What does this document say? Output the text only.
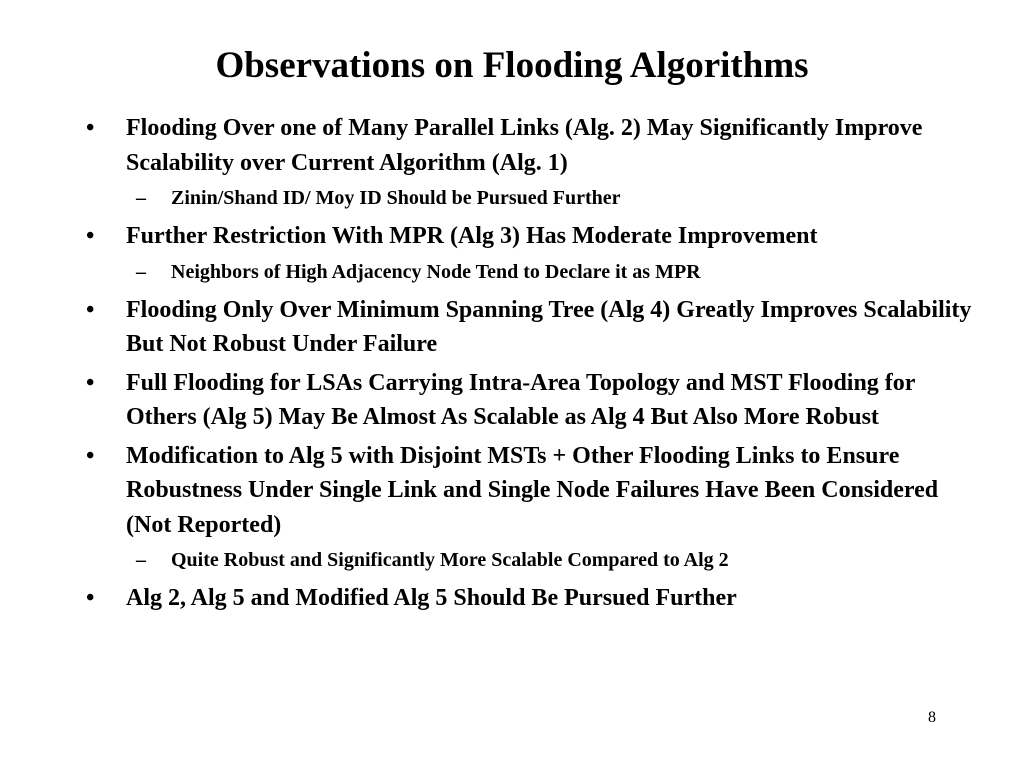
Observations on Flooding Algorithms
•	Flooding Over one of Many Parallel Links (Alg. 2) May Significantly Improve Scalability over Current Algorithm (Alg. 1)
– Zinin/Shand ID/ Moy ID Should be Pursued Further
•	Further Restriction With MPR (Alg 3) Has Moderate Improvement
– Neighbors of High Adjacency Node Tend to Declare it as MPR
•	Flooding Only Over Minimum Spanning Tree (Alg 4) Greatly Improves Scalability But Not Robust Under Failure
•	Full Flooding for LSAs Carrying Intra-Area Topology and MST Flooding for Others (Alg 5) May Be Almost As Scalable as Alg 4 But Also More Robust
•	Modification to Alg 5 with Disjoint MSTs + Other Flooding Links to Ensure Robustness Under Single Link and Single Node Failures Have Been Considered (Not Reported)
– Quite Robust and Significantly More Scalable Compared to Alg 2
•	Alg 2, Alg 5 and Modified Alg 5 Should Be Pursued Further
8
